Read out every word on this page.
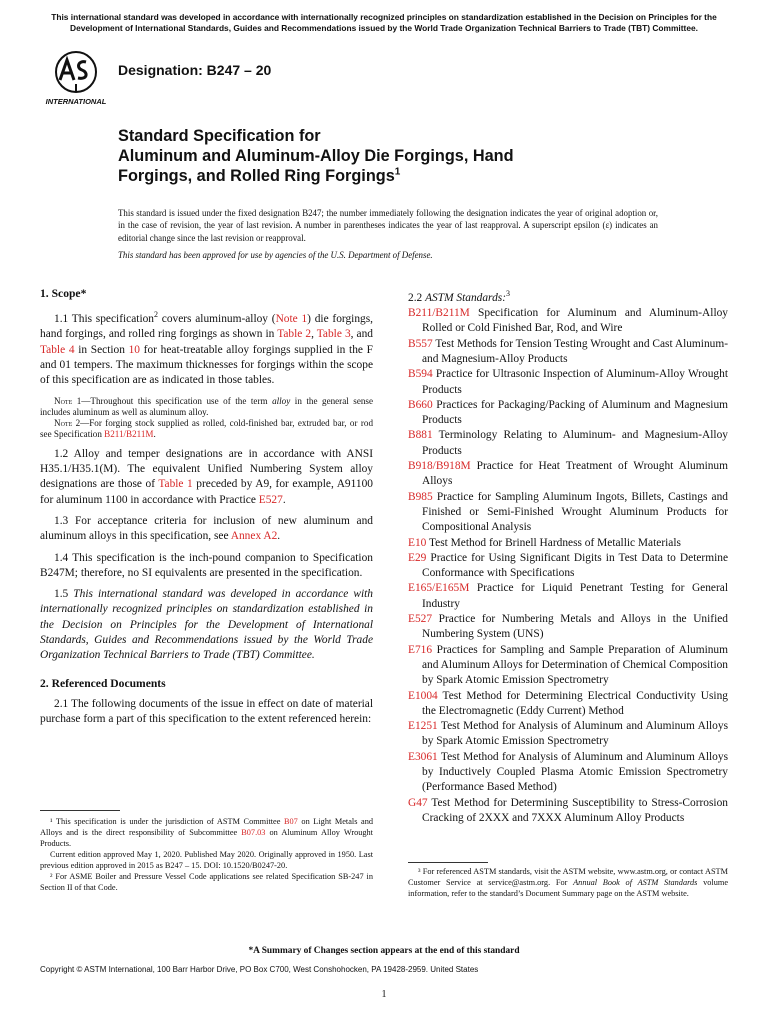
This international standard was developed in accordance with internationally recognized principles on standardization established in the Decision on Principles for the Development of International Standards, Guides and Recommendations issued by the World Trade Organization Technical Barriers to Trade (TBT) Committee.
INTERNATIONAL
Designation: B247 – 20
Standard Specification for
Aluminum and Aluminum-Alloy Die Forgings, Hand Forgings, and Rolled Ring Forgings$^1$
This standard is issued under the fixed designation B247; the number immediately following the designation indicates the year of original adoption or, in the case of revision, the year of last revision. A number in parentheses indicates the year of last reapproval. A superscript epsilon (ε) indicates an editorial change since the last revision or reapproval.
This standard has been approved for use by agencies of the U.S. Department of Defense.

1. Scope*

1.1 This specification$^2$ covers aluminum-alloy (Note 1) die forgings, hand forgings, and rolled ring forgings as shown in Table 2, Table 3, and Table 4 in Section 10 for heat-treatable alloy forgings supplied in the F and 01 tempers. The maximum thicknesses for forgings within the scope of this specification are as indicated in those tables.

Note 1—Throughout this specification use of the term alloy in the general sense includes aluminum as well as aluminum alloy.

Note 2—For forging stock supplied as rolled, cold-finished bar, extruded bar, or rod see Specification B211/B211M.

1.2 Alloy and temper designations are in accordance with ANSI H35.1/H35.1(M). The equivalent Unified Numbering System alloy designations are those of Table 1 preceded by A9, for example, A91100 for aluminum 1100 in accordance with Practice E527.

1.3 For acceptance criteria for inclusion of new aluminum and aluminum alloys in this specification, see Annex A2.

1.4 This specification is the inch-pound companion to Specification B247M; therefore, no SI equivalents are presented in the specification.

1.5 This international standard was developed in accordance with internationally recognized principles on standardization established in the Decision on Principles for the Development of International Standards, Guides and Recommendations issued by the World Trade Organization Technical Barriers to Trade (TBT) Committee.

2. Referenced Documents

2.1 The following documents of the issue in effect on date of material purchase form a part of this specification to the extent referenced herein:

¹ This specification is under the jurisdiction of ASTM Committee B07 on Light Metals and Alloys and is the direct responsibility of Subcommittee B07.03 on Aluminum Alloy Wrought Products.

Current edition approved May 1, 2020. Published May 2020. Originally approved in 1950. Last previous edition approved in 2015 as B247 – 15. DOI: 10.1520/B0247-20.

² For ASME Boiler and Pressure Vessel Code applications see related Specification SB-247 in Section II of that Code.

2.2 ASTM Standards:$^3$

B211/B211M Specification for Aluminum and Aluminum-Alloy Rolled or Cold Finished Bar, Rod, and Wire

B557 Test Methods for Tension Testing Wrought and Cast Aluminum- and Magnesium-Alloy Products

B594 Practice for Ultrasonic Inspection of Aluminum-Alloy Wrought Products

B660 Practices for Packaging/Packing of Aluminum and Magnesium Products

B881 Terminology Relating to Aluminum- and Magnesium-Alloy Products

B918/B918M Practice for Heat Treatment of Wrought Aluminum Alloys

B985 Practice for Sampling Aluminum Ingots, Billets, Castings and Finished or Semi-Finished Wrought Aluminum Products for Compositional Analysis

E10 Test Method for Brinell Hardness of Metallic Materials

E29 Practice for Using Significant Digits in Test Data to Determine Conformance with Specifications

E165/E165M Practice for Liquid Penetrant Testing for General Industry

E527 Practice for Numbering Metals and Alloys in the Unified Numbering System (UNS)

E716 Practices for Sampling and Sample Preparation of Aluminum and Aluminum Alloys for Determination of Chemical Composition by Spark Atomic Emission Spectrometry

E1004 Test Method for Determining Electrical Conductivity Using the Electromagnetic (Eddy Current) Method

E1251 Test Method for Analysis of Aluminum and Aluminum Alloys by Spark Atomic Emission Spectrometry

E3061 Test Method for Analysis of Aluminum and Aluminum Alloys by Inductively Coupled Plasma Atomic Emission Spectrometry (Performance Based Method)

G47 Test Method for Determining Susceptibility to Stress-Corrosion Cracking of 2XXX and 7XXX Aluminum Alloy Products

³ For referenced ASTM standards, visit the ASTM website, www.astm.org, or contact ASTM Customer Service at service@astm.org. For Annual Book of ASTM Standards volume information, refer to the standard’s Document Summary page on the ASTM website.

*A Summary of Changes section appears at the end of this standard
Copyright © ASTM International, 100 Barr Harbor Drive, PO Box C700, West Conshohocken, PA 19428-2959. United States
1
